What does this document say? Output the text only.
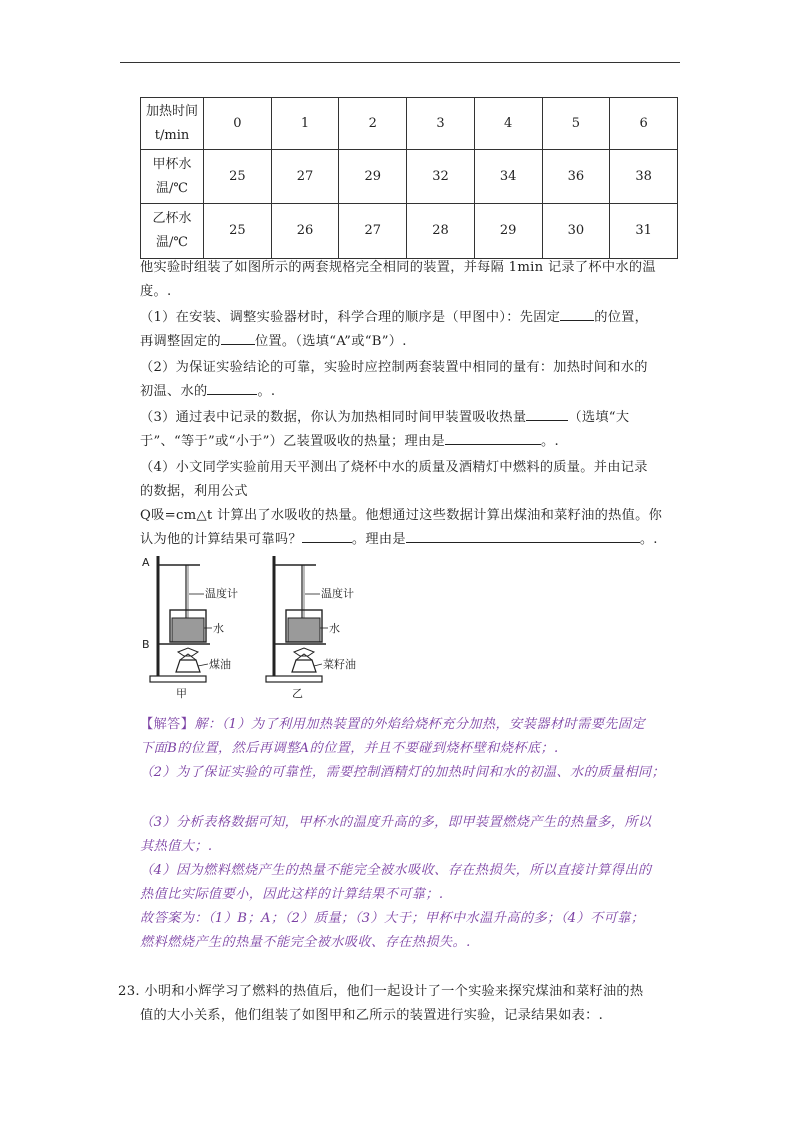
加热时间
t/min	0	1	2	3	4	5	6

甲杯水
温/℃	25	27	29	32	34	36	38

乙杯水
温/℃	25	26	27	28	29	30	31
他实验时组装了如图所示的两套规格完全相同的装置，并每隔 1min 记录了杯中水的温
度。.
（1）在安装、调整实验器材时，科学合理的顺序是（甲图中）：先固定	的位置，
再调整固定的	位置。（选填“A”或“B”）.
（2）为保证实验结论的可靠，实验时应控制两套装置中相同的量有：加热时间和水的
初温、水的	。.
（3）通过表中记录的数据，你认为加热相同时间甲装置吸收热量	（选填“大
于”、“等于”或“小于”）乙装置吸收的热量；理由是	。.
（4）小文同学实验前用天平测出了烧杯中水的质量及酒精灯中燃料的质量。并由记录
的数据，利用公式
Q吸=cm△t 计算出了水吸收的热量。他想通过这些数据计算出煤油和菜籽油的热值。你
认为他的计算结果可靠吗？	。理由是	。.
A
B
温度计
水
煤油
甲
温度计
水
菜籽油
乙
【解答】解：（1）为了利用加热装置的外焰给烧杯充分加热，安装器材时需要先固定
下面B的位置，然后再调整A的位置，并且不要碰到烧杯壁和烧杯底；.
（2）为了保证实验的可靠性，需要控制酒精灯的加热时间和水的初温、水的质量相同；
（3）分析表格数据可知，甲杯水的温度升高的多，即甲装置燃烧产生的热量多，所以
其热值大；.
（4）因为燃料燃烧产生的热量不能完全被水吸收、存在热损失，所以直接计算得出的
热值比实际值要小，因此这样的计算结果不可靠；.
故答案为：（1）B；A；（2）质量；（3）大于；甲杯中水温升高的多；（4）不可靠；
燃料燃烧产生的热量不能完全被水吸收、存在热损失。.
23. 小明和小辉学习了燃料的热值后，他们一起设计了一个实验来探究煤油和菜籽油的热
值的大小关系，他们组装了如图甲和乙所示的装置进行实验，记录结果如表：.
